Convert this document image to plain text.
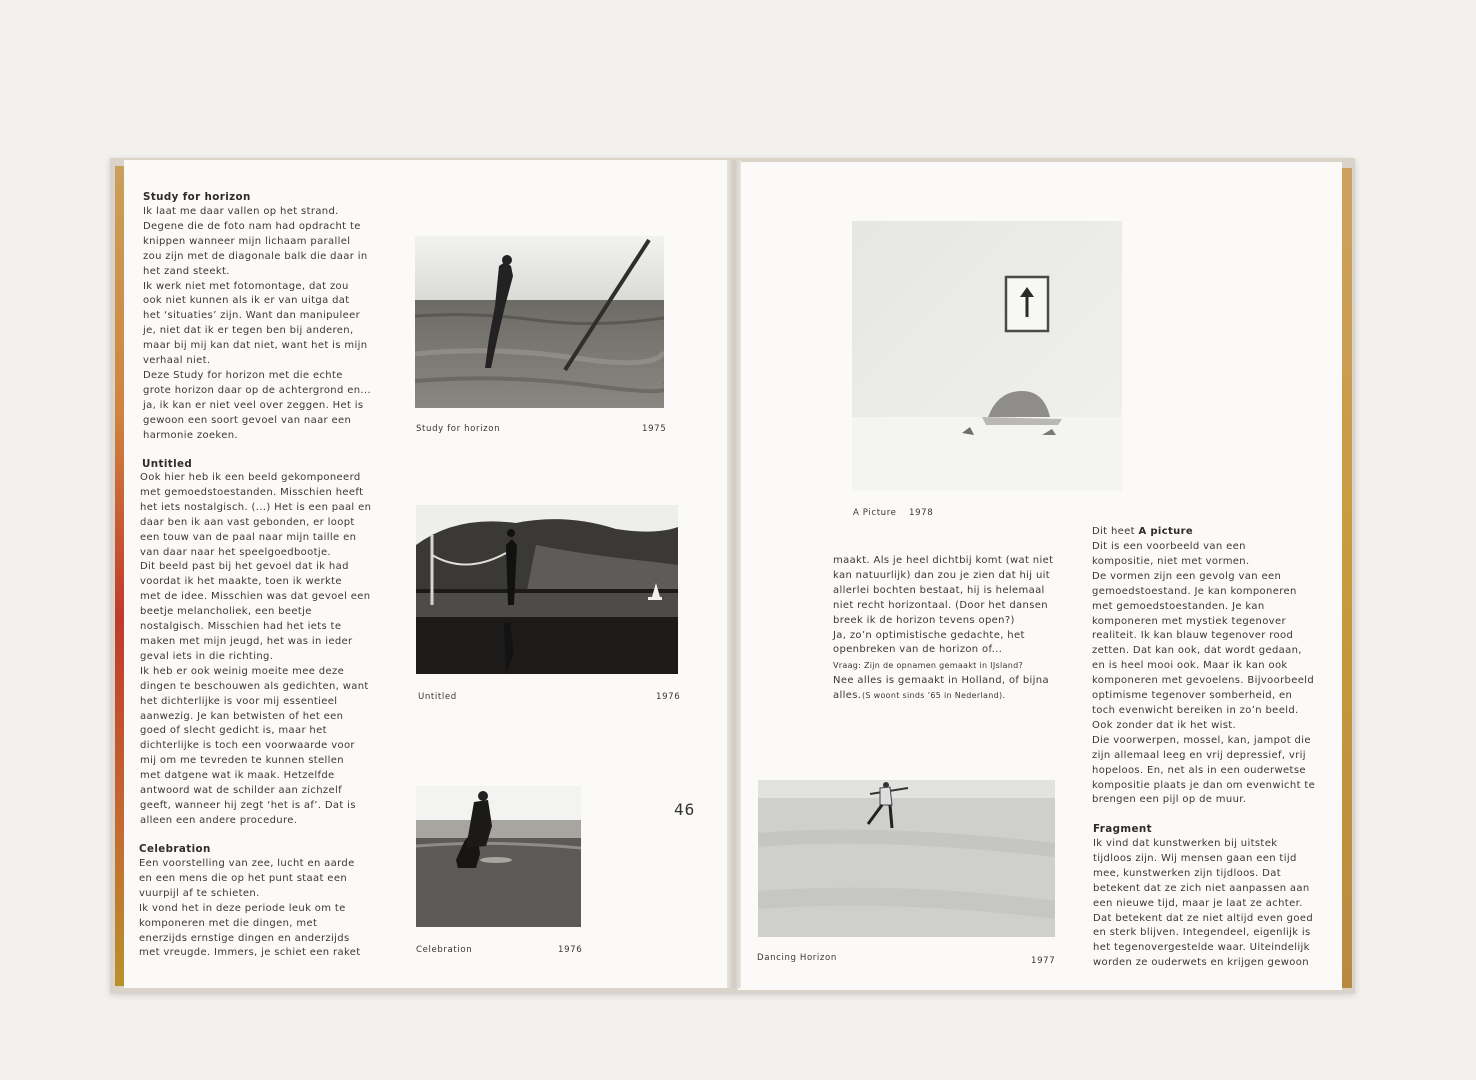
Study for horizon
Ik laat me daar vallen op het strand.
Degene die de foto nam had opdracht te
knippen wanneer mijn lichaam parallel
zou zijn met de diagonale balk die daar in
het zand steekt.
Ik werk niet met fotomontage, dat zou
ook niet kunnen als ik er van uitga dat
het ‘situaties’ zijn. Want dan manipuleer
je, niet dat ik er tegen ben bij anderen,
maar bij mij kan dat niet, want het is mijn
verhaal niet.
Deze Study for horizon met die echte
grote horizon daar op de achtergrond en...
ja, ik kan er niet veel over zeggen. Het is
gewoon een soort gevoel van naar een
harmonie zoeken.
Untitled
Ook hier heb ik een beeld gekomponeerd
met gemoedstoestanden. Misschien heeft
het iets nostalgisch. (...) Het is een paal en
daar ben ik aan vast gebonden, er loopt
een touw van de paal naar mijn taille en
van daar naar het speelgoedbootje.
Dit beeld past bij het gevoel dat ik had
voordat ik het maakte, toen ik werkte
met de idee. Misschien was dat gevoel een
beetje melancholiek, een beetje
nostalgisch. Misschien had het iets te
maken met mijn jeugd, het was in ieder
geval iets in die richting.
Ik heb er ook weinig moeite mee deze
dingen te beschouwen als gedichten, want
het dichterlijke is voor mij essentieel
aanwezig. Je kan betwisten of het een
goed of slecht gedicht is, maar het
dichterlijke is toch een voorwaarde voor
mij om me tevreden te kunnen stellen
met datgene wat ik maak. Hetzelfde
antwoord wat de schilder aan zichzelf
geeft, wanneer hij zegt ‘het is af’. Dat is
alleen een andere procedure.
Celebration
Een voorstelling van zee, lucht en aarde
en een mens die op het punt staat een
vuurpijl af te schieten.
Ik vond het in deze periode leuk om te
komponeren met die dingen, met
enerzijds ernstige dingen en anderzijds
met vreugde. Immers, je schiet een raket
Study for horizon	1975
Untitled	1976
46
Celebration	1976
A Picture 1978
maakt. Als je heel dichtbij komt (wat niet
kan natuurlijk) dan zou je zien dat hij uit
allerlei bochten bestaat, hij is helemaal
niet recht horizontaal. (Door het dansen
breek ik de horizon tevens open?)
Ja, zo’n optimistische gedachte, het
openbreken van de horizon of...
Vraag: Zijn de opnamen gemaakt in IJsland?
Nee alles is gemaakt in Holland, of bijna
alles. (S woont sinds ’65 in Nederland).
Dit heet A picture
Dit is een voorbeeld van een
kompositie, niet met vormen.
De vormen zijn een gevolg van een
gemoedstoestand. Je kan komponeren
met gemoedstoestanden. Je kan
komponeren met mystiek tegenover
realiteit. Ik kan blauw tegenover rood
zetten. Dat kan ook, dat wordt gedaan,
en is heel mooi ook. Maar ik kan ook
komponeren met gevoelens. Bijvoorbeeld
optimisme tegenover somberheid, en
toch evenwicht bereiken in zo’n beeld.
Ook zonder dat ik het wist.
Die voorwerpen, mossel, kan, jampot die
zijn allemaal leeg en vrij depressief, vrij
hopeloos. En, net als in een ouderwetse
kompositie plaats je dan om evenwicht te
brengen een pijl op de muur.
Fragment
Ik vind dat kunstwerken bij uitstek
tijdloos zijn. Wij mensen gaan een tijd
mee, kunstwerken zijn tijdloos. Dat
betekent dat ze zich niet aanpassen aan
een nieuwe tijd, maar je laat ze achter.
Dat betekent dat ze niet altijd even goed
en sterk blijven. Integendeel, eigenlijk is
het tegenovergestelde waar. Uiteindelijk
worden ze ouderwets en krijgen gewoon
Dancing Horizon	1977
